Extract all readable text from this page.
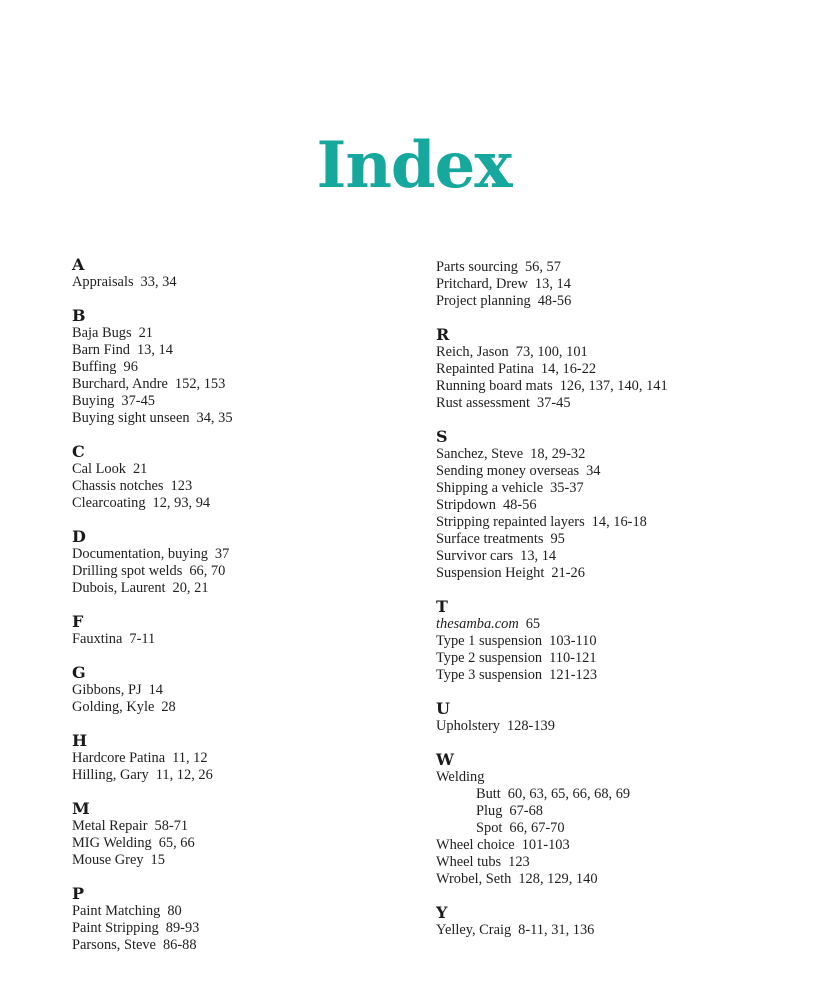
Index
A
Appraisals 33, 34
B
Baja Bugs 21
Barn Find 13, 14
Buffing 96
Burchard, Andre 152, 153
Buying 37-45
Buying sight unseen 34, 35
C
Cal Look 21
Chassis notches 123
Clearcoating 12, 93, 94
D
Documentation, buying 37
Drilling spot welds 66, 70
Dubois, Laurent 20, 21
F
Fauxtina 7-11
G
Gibbons, PJ 14
Golding, Kyle 28
H
Hardcore Patina 11, 12
Hilling, Gary 11, 12, 26
M
Metal Repair 58-71
MIG Welding 65, 66
Mouse Grey 15
P
Paint Matching 80
Paint Stripping 89-93
Parsons, Steve 86-88
Parts sourcing 56, 57
Pritchard, Drew 13, 14
Project planning 48-56
R
Reich, Jason 73, 100, 101
Repainted Patina 14, 16-22
Running board mats 126, 137, 140, 141
Rust assessment 37-45
S
Sanchez, Steve 18, 29-32
Sending money overseas 34
Shipping a vehicle 35-37
Stripdown 48-56
Stripping repainted layers 14, 16-18
Surface treatments 95
Survivor cars 13, 14
Suspension Height 21-26
T
thesamba.com 65
Type 1 suspension 103-110
Type 2 suspension 110-121
Type 3 suspension 121-123
U
Upholstery 128-139
W
Welding
Butt 60, 63, 65, 66, 68, 69
Plug 67-68
Spot 66, 67-70
Wheel choice 101-103
Wheel tubs 123
Wrobel, Seth 128, 129, 140
Y
Yelley, Craig 8-11, 31, 136
